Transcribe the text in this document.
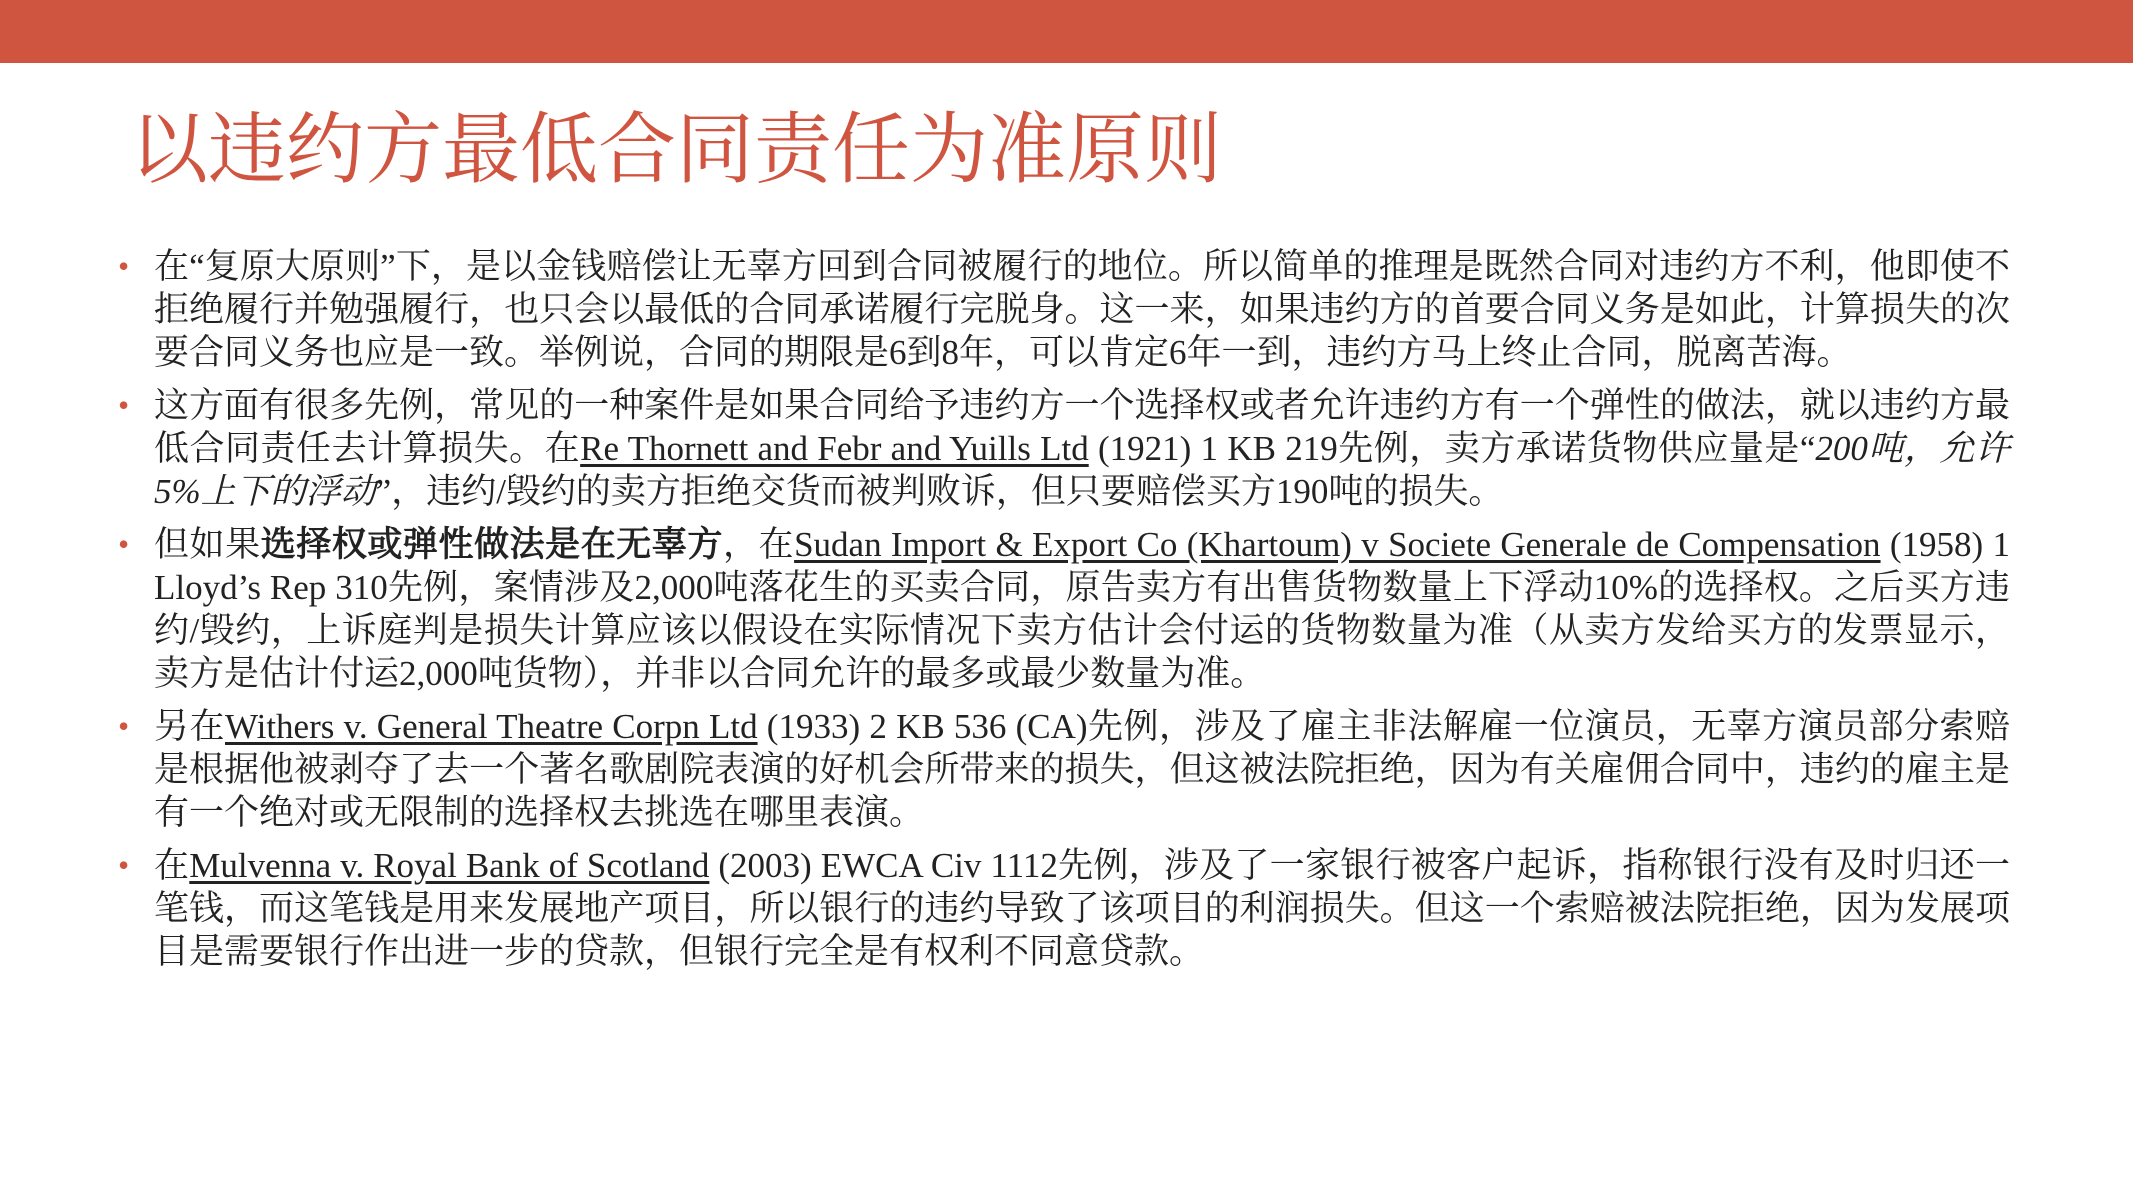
以违约方最低合同责任为准原则
• 在“复原大原则”下，是以金钱赔偿让无辜方回到合同被履行的地位。所以简单的推理是既然合同对违约方不利，他即使不拒绝履行并勉强履行，也只会以最低的合同承诺履行完脱身。这一来，如果违约方的首要合同义务是如此，计算损失的次要合同义务也应是一致。举例说，合同的期限是6到8年，可以肯定6年一到，违约方马上终止合同，脱离苦海。
• 这方面有很多先例，常见的一种案件是如果合同给予违约方一个选择权或者允许违约方有一个弹性的做法，就以违约方最低合同责任去计算损失。在Re Thornett and Febr and Yuills Ltd (1921) 1 KB 219先例，卖方承诺货物供应量是“200吨，允许5%上下的浮动”，违约/毁约的卖方拒绝交货而被判败诉，但只要赔偿买方190吨的损失。
• 但如果选择权或弹性做法是在无辜方，在Sudan Import & Export Co (Khartoum) v Societe Generale de Compensation (1958) 1 Lloyd’s Rep 310先例，案情涉及2,000吨落花生的买卖合同，原告卖方有出售货物数量上下浮动10%的选择权。之后买方违约/毁约，上诉庭判是损失计算应该以假设在实际情况下卖方估计会付运的货物数量为准（从卖方发给买方的发票显示，卖方是估计付运2,000吨货物），并非以合同允许的最多或最少数量为准。
• 另在Withers v. General Theatre Corpn Ltd (1933) 2 KB 536 (CA)先例，涉及了雇主非法解雇一位演员，无辜方演员部分索赔是根据他被剥夺了去一个著名歌剧院表演的好机会所带来的损失，但这被法院拒绝，因为有关雇佣合同中，违约的雇主是有一个绝对或无限制的选择权去挑选在哪里表演。
• 在Mulvenna v. Royal Bank of Scotland (2003) EWCA Civ 1112先例，涉及了一家银行被客户起诉，指称银行没有及时归还一笔钱，而这笔钱是用来发展地产项目，所以银行的违约导致了该项目的利润损失。但这一个索赔被法院拒绝，因为发展项目是需要银行作出进一步的贷款，但银行完全是有权利不同意贷款。
